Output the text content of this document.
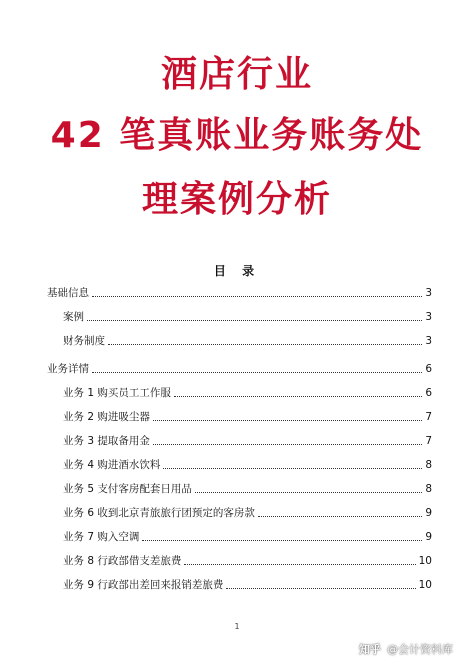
酒店行业
42 笔真账业务账务处
理案例分析
目 录
基础信息	3
案例	3
财务制度	3
业务详情	6
业务 1 购买员工工作服	6
业务 2 购进吸尘器	7
业务 3 提取备用金	7
业务 4 购进酒水饮料	8
业务 5 支付客房配套日用品	8
业务 6 收到北京青旅旅行团预定的客房款	9
业务 7 购入空调	9
业务 8 行政部借支差旅费	10
业务 9 行政部出差回来报销差旅费	10
1
知乎 @会计资料库
